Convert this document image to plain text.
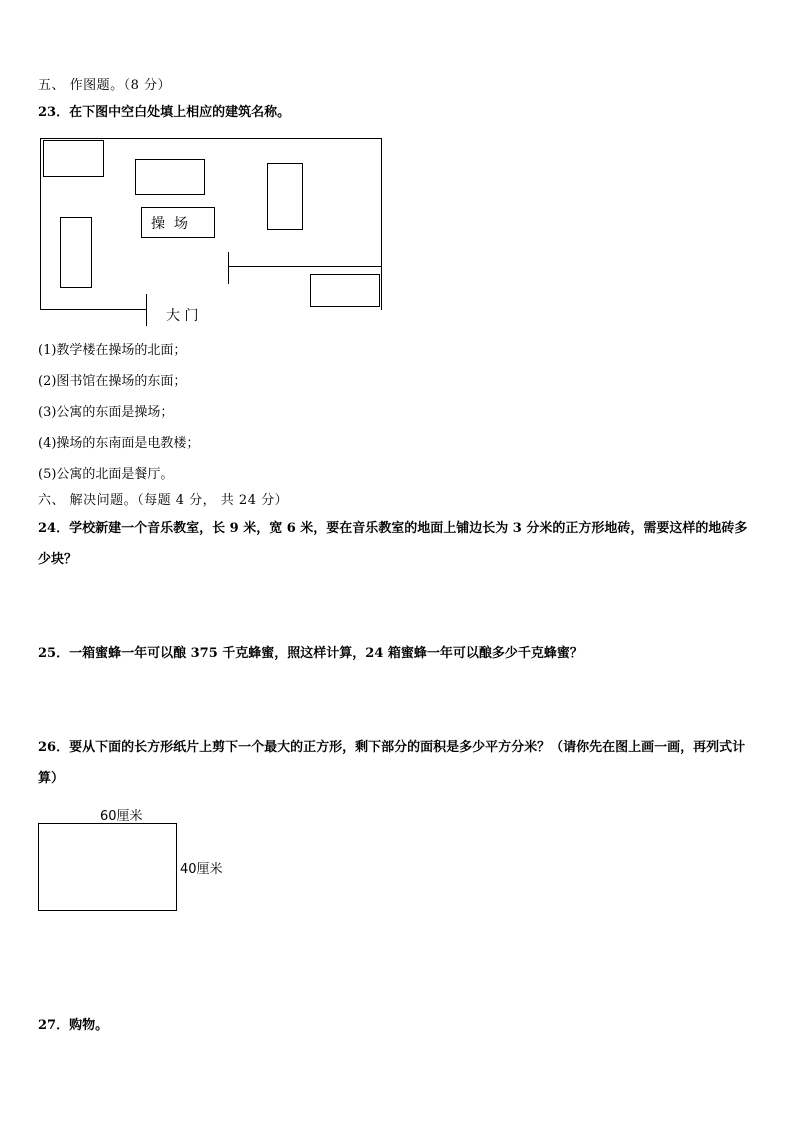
五、 作图题。（8 分）
23．在下图中空白处填上相应的建筑名称。
操  场
大 门
(1)教学楼在操场的北面；
(2)图书馆在操场的东面；
(3)公寓的东面是操场；
(4)操场的东南面是电教楼；
(5)公寓的北面是餐厅。
六、 解决问题。（每题 4 分， 共 24 分）
24．学校新建一个音乐教室，长 9 米，宽 6 米，要在音乐教室的地面上铺边长为 3 分米的正方形地砖，需要这样的地砖多少块？
25．一箱蜜蜂一年可以酿 375 千克蜂蜜，照这样计算，24 箱蜜蜂一年可以酿多少千克蜂蜜？
26．要从下面的长方形纸片上剪下一个最大的正方形，剩下部分的面积是多少平方分米？（请你先在图上画一画，再列式计算）
60厘米
40厘米
27．购物。
